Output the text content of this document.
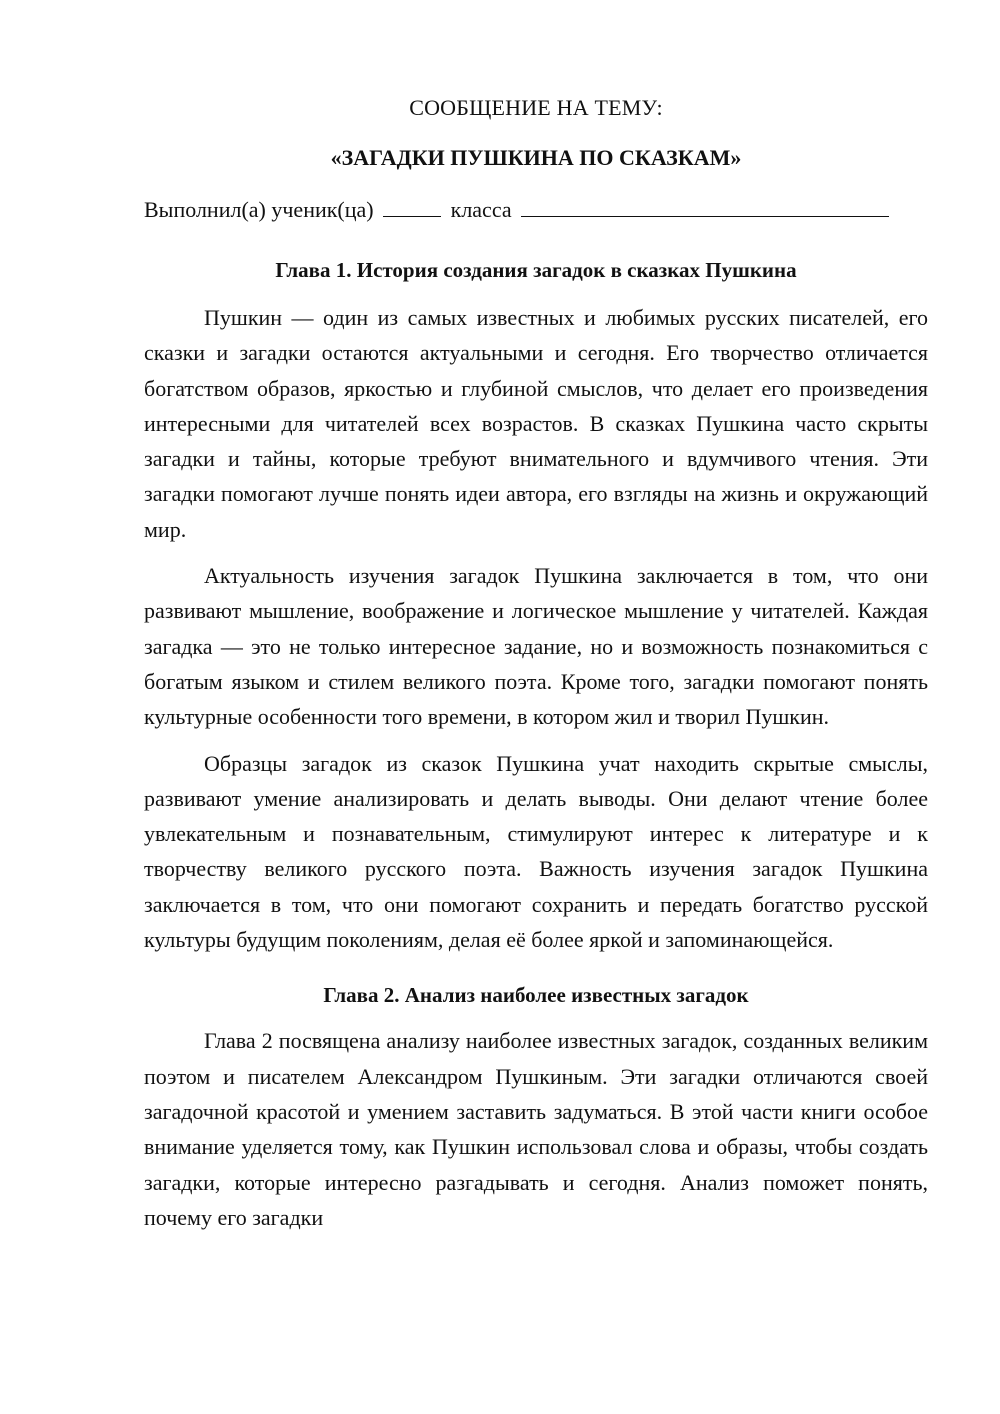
СООБЩЕНИЕ НА ТЕМУ:

«ЗАГАДКИ ПУШКИНА ПО СКАЗКАМ»

Выполнил(а) ученик(ца)	класса
Глава 1. История создания загадок в сказках Пушкина

Пушкин — один из самых известных и любимых русских писателей, его сказки и загадки остаются актуальными и сегодня. Его творчество отличается богатством образов, яркостью и глубиной смыслов, что делает его произведения интересными для читателей всех возрастов. В сказках Пушкина часто скрыты загадки и тайны, которые требуют внимательного и вдумчивого чтения. Эти загадки помогают лучше понять идеи автора, его взгляды на жизнь и окружающий мир.

Актуальность изучения загадок Пушкина заключается в том, что они развивают мышление, воображение и логическое мышление у читателей. Каждая загадка — это не только интересное задание, но и возможность познакомиться с богатым языком и стилем великого поэта. Кроме того, загадки помогают понять культурные особенности того времени, в котором жил и творил Пушкин.

Образцы загадок из сказок Пушкина учат находить скрытые смыслы, развивают умение анализировать и делать выводы. Они делают чтение более увлекательным и познавательным, стимулируют интерес к литературе и к творчеству великого русского поэта. Важность изучения загадок Пушкина заключается в том, что они помогают сохранить и передать богатство русской культуры будущим поколениям, делая её более яркой и запоминающейся.

Глава 2. Анализ наиболее известных загадок

Глава 2 посвящена анализу наиболее известных загадок, созданных великим поэтом и писателем Александром Пушкиным. Эти загадки отличаются своей загадочной красотой и умением заставить задуматься. В этой части книги особое внимание уделяется тому, как Пушкин использовал слова и образы, чтобы создать загадки, которые интересно разгадывать и сегодня. Анализ поможет понять, почему его загадки
